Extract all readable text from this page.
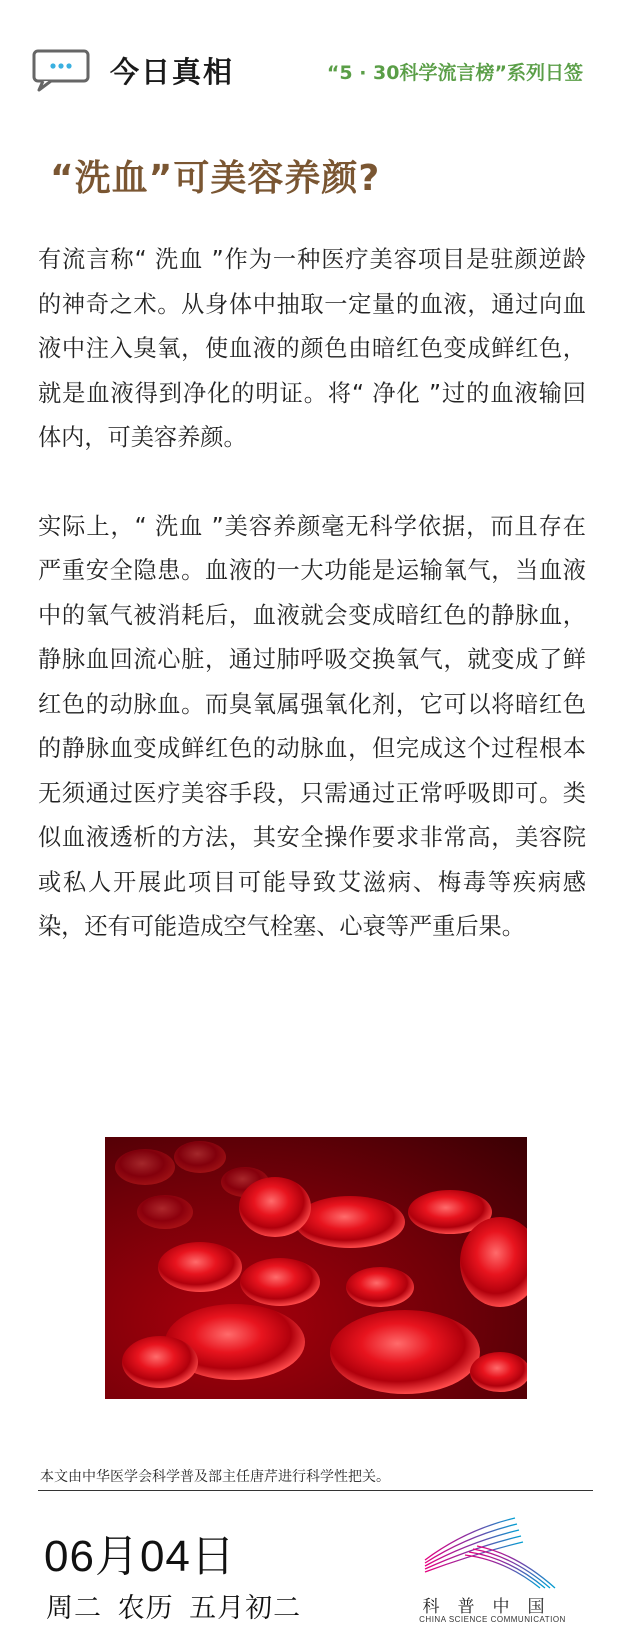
今日真相	“5 · 30科学流言榜”系列日签
“洗血”可美容养颜?

有流言称“ 洗血 ”作为一种医疗美容项目是驻颜逆龄的神奇之术。从身体中抽取一定量的血液，通过向血液中注入臭氧，使血液的颜色由暗红色变成鲜红色，就是血液得到净化的明证。将“ 净化 ”过的血液输回体内，可美容养颜。

实际上，“ 洗血 ”美容养颜毫无科学依据，而且存在严重安全隐患。血液的一大功能是运输氧气，当血液中的氧气被消耗后，血液就会变成暗红色的静脉血，静脉血回流心脏，通过肺呼吸交换氧气，就变成了鲜红色的动脉血。而臭氧属强氧化剂，它可以将暗红色的静脉血变成鲜红色的动脉血，但完成这个过程根本无须通过医疗美容手段，只需通过正常呼吸即可。类似血液透析的方法，其安全操作要求非常高，美容院或私人开展此项目可能导致艾滋病、梅毒等疾病感染，还有可能造成空气栓塞、心衰等严重后果。

本文由中华医学会科学普及部主任唐芹进行科学性把关。
06月04日
周二 农历 五月初二	科普中国
CHINA SCIENCE COMMUNICATION
